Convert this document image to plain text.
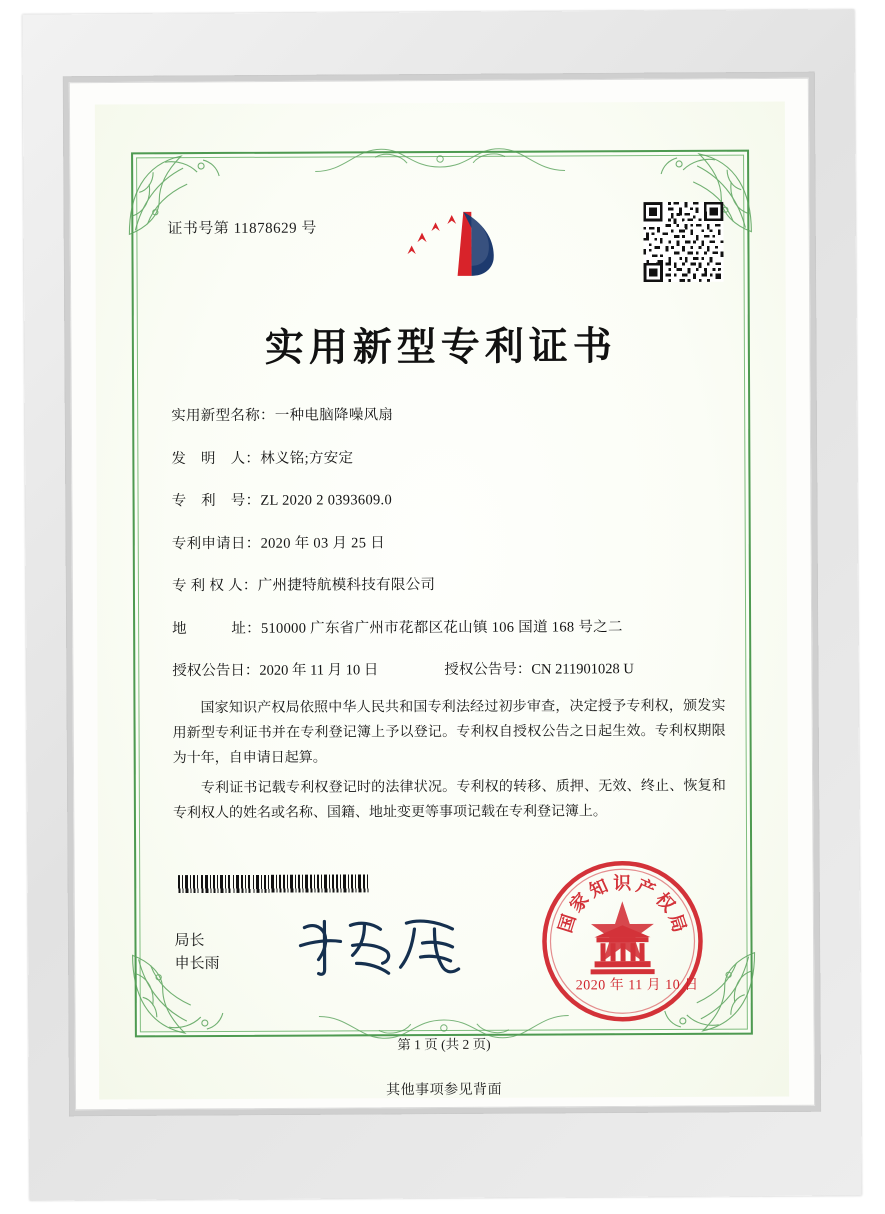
证书号第 11878629 号
实用新型专利证书
实用新型名称： 一种电脑降噪风扇
发　明　人： 林义铭;方安定
专　利　号： ZL 2020 2 0393609.0
专利申请日： 2020 年 03 月 25 日
专 利 权 人： 广州捷特航模科技有限公司
地　　　址： 510000 广东省广州市花都区花山镇 106 国道 168 号之二
授权公告日：2020 年 11 月 10 日	授权公告号：CN 211901028 U

国家知识产权局依照中华人民共和国专利法经过初步审查，决定授予专利权，颁发实用新型专利证书并在专利登记簿上予以登记。专利权自授权公告之日起生效。专利权期限为十年，自申请日起算。

专利证书记载专利权登记时的法律状况。专利权的转移、质押、无效、终止、恢复和专利权人的姓名或名称、国籍、地址变更等事项记载在专利登记簿上。

局长
申长雨
国
家
知 识 产
权
局
2020 年 11 月 10 日
第 1 页 (共 2 页)
其他事项参见背面
